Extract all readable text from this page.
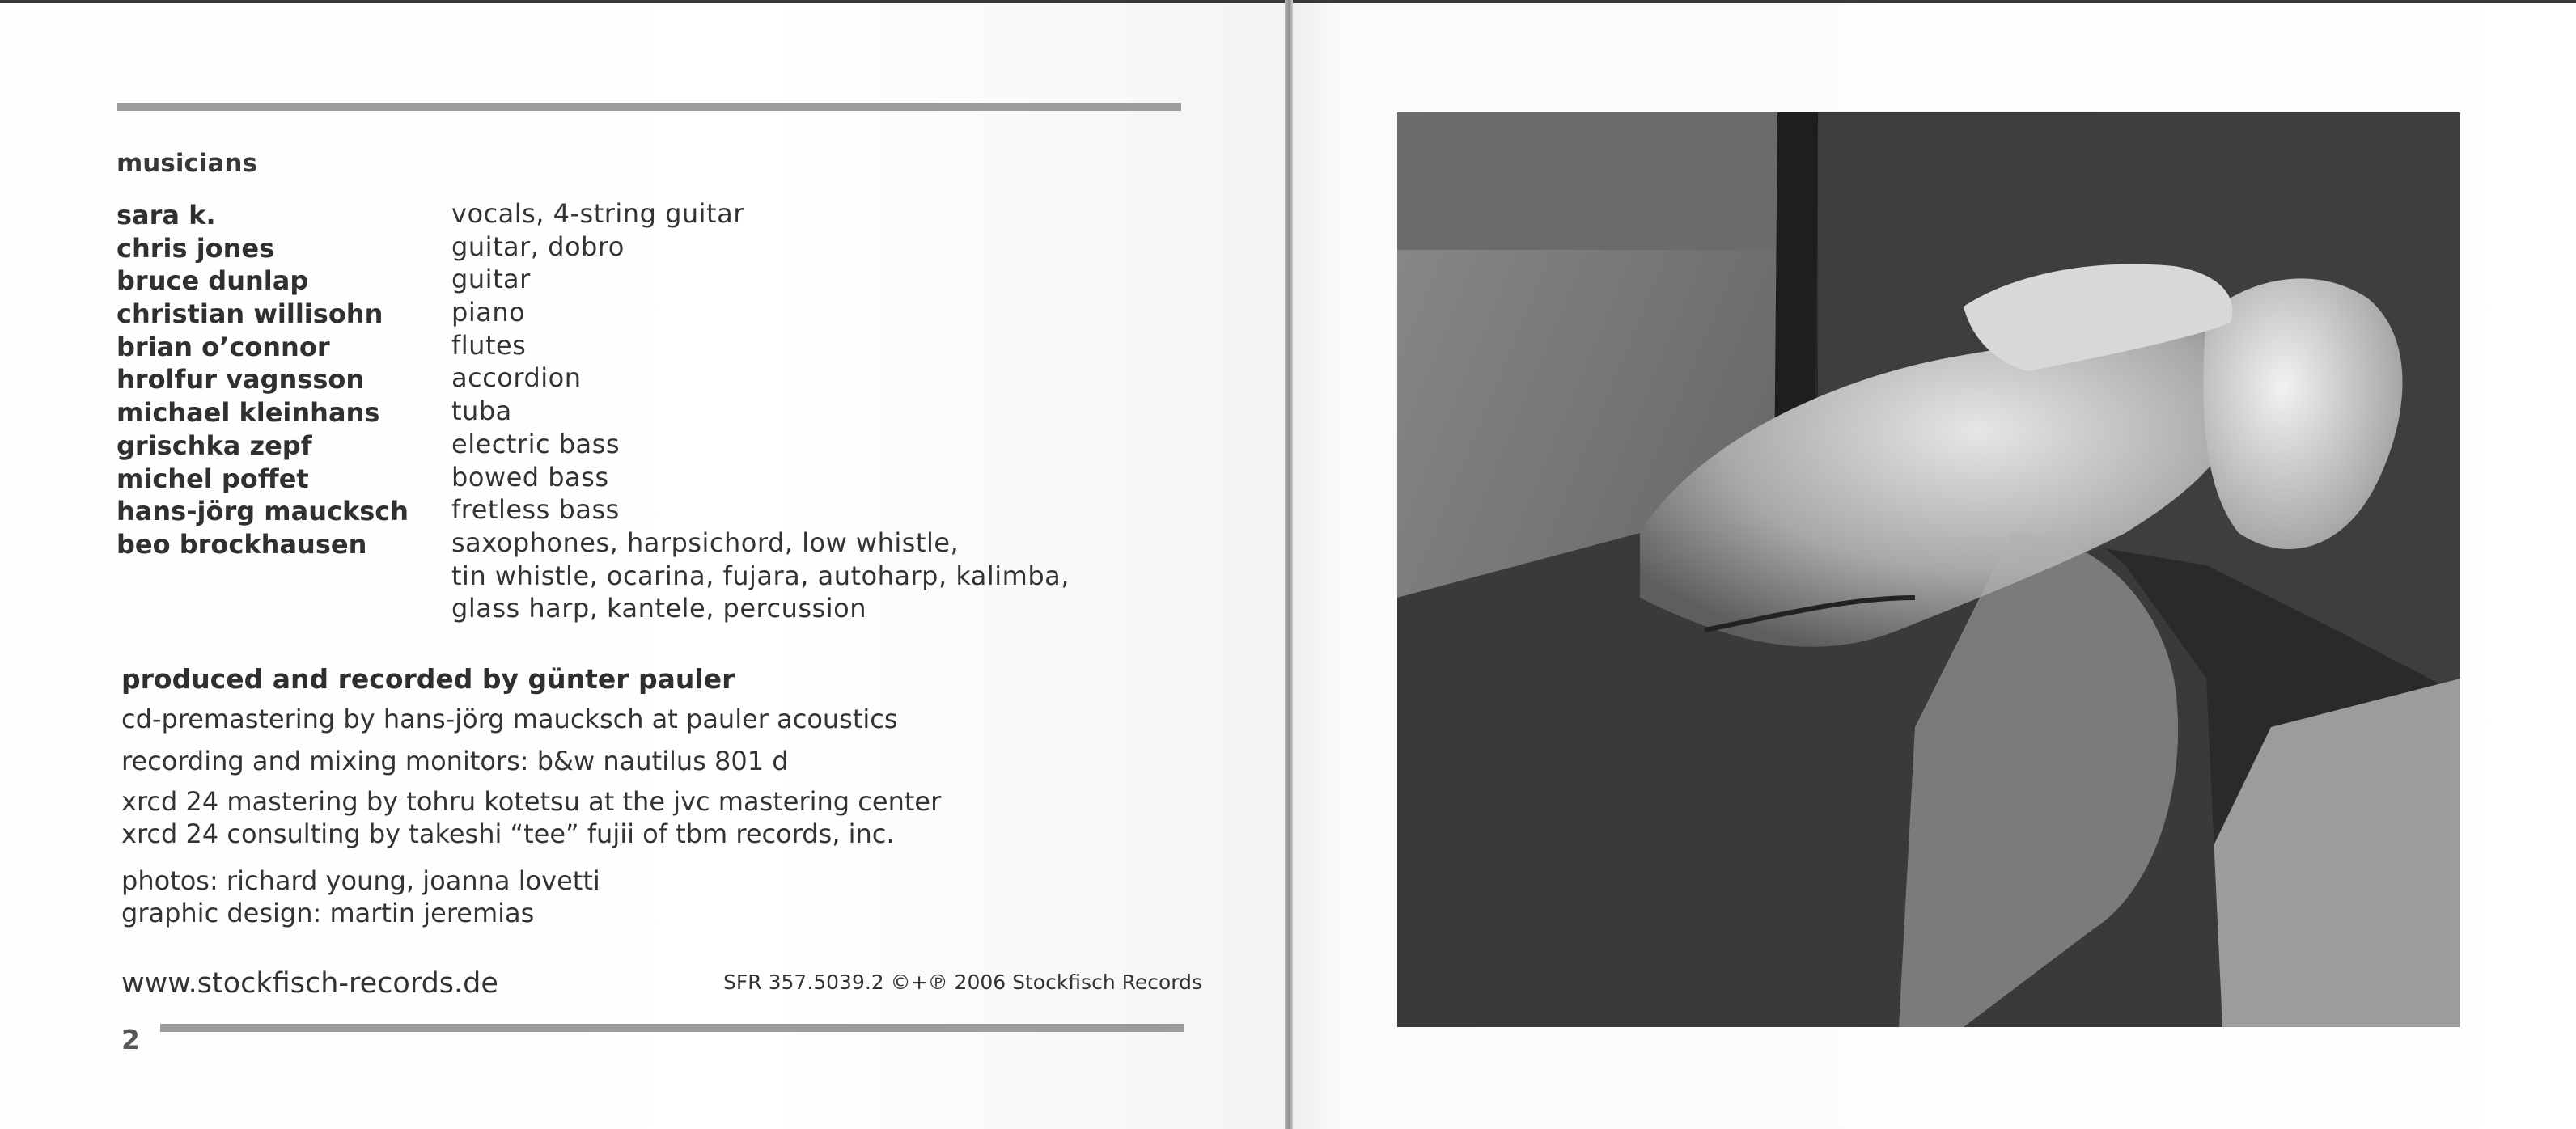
musicians
sara k.
chris jones
bruce dunlap
christian willisohn
brian o’connor
hrolfur vagnsson
michael kleinhans
grischka zepf
michel poffet
hans-jörg maucksch
beo brockhausen
vocals, 4-string guitar
guitar, dobro
guitar
piano
flutes
accordion
tuba
electric bass
bowed bass
fretless bass
saxophones, harpsichord, low whistle,
tin whistle, ocarina, fujara, autoharp, kalimba,
glass harp, kantele, percussion
produced and recorded by günter pauler
cd-premastering by hans-jörg maucksch at pauler acoustics
recording and mixing monitors: b&w nautilus 801 d
xrcd 24 mastering by tohru kotetsu at the jvc mastering center
xrcd 24 consulting by takeshi “tee” fujii of tbm records, inc.
photos: richard young, joanna lovetti
graphic design: martin jeremias
www.stockfisch-records.de	SFR 357.5039.2 ©+℗ 2006 Stockfisch Records
2
